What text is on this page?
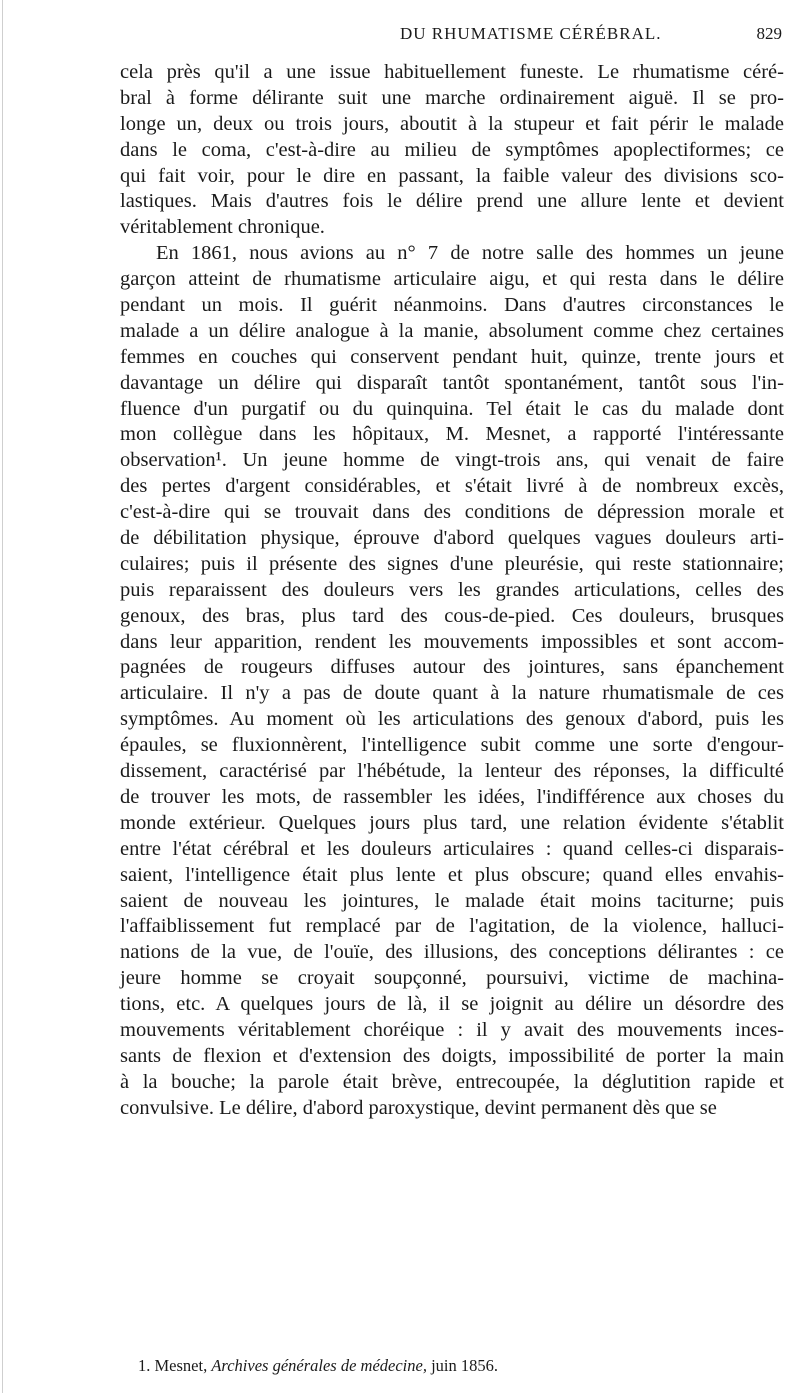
DU RHUMATISME CÉRÉBRAL.	829
cela près qu'il a une issue habituellement funeste. Le rhumatisme céré-
bral à forme délirante suit une marche ordinairement aiguë. Il se pro-
longe un, deux ou trois jours, aboutit à la stupeur et fait périr le malade
dans le coma, c'est-à-dire au milieu de symptômes apoplectiformes; ce
qui fait voir, pour le dire en passant, la faible valeur des divisions sco-
lastiques. Mais d'autres fois le délire prend une allure lente et devient
véritablement chronique.
En 1861, nous avions au n° 7 de notre salle des hommes un jeune
garçon atteint de rhumatisme articulaire aigu, et qui resta dans le délire
pendant un mois. Il guérit néanmoins. Dans d'autres circonstances le
malade a un délire analogue à la manie, absolument comme chez certaines
femmes en couches qui conservent pendant huit, quinze, trente jours et
davantage un délire qui disparaît tantôt spontanément, tantôt sous l'in-
fluence d'un purgatif ou du quinquina. Tel était le cas du malade dont
mon collègue dans les hôpitaux, M. Mesnet, a rapporté l'intéressante
observation¹. Un jeune homme de vingt-trois ans, qui venait de faire
des pertes d'argent considérables, et s'était livré à de nombreux excès,
c'est-à-dire qui se trouvait dans des conditions de dépression morale et
de débilitation physique, éprouve d'abord quelques vagues douleurs arti-
culaires; puis il présente des signes d'une pleurésie, qui reste stationnaire;
puis reparaissent des douleurs vers les grandes articulations, celles des
genoux, des bras, plus tard des cous-de-pied. Ces douleurs, brusques
dans leur apparition, rendent les mouvements impossibles et sont accom-
pagnées de rougeurs diffuses autour des jointures, sans épanchement
articulaire. Il n'y a pas de doute quant à la nature rhumatismale de ces
symptômes. Au moment où les articulations des genoux d'abord, puis les
épaules, se fluxionnèrent, l'intelligence subit comme une sorte d'engour-
dissement, caractérisé par l'hébétude, la lenteur des réponses, la difficulté
de trouver les mots, de rassembler les idées, l'indifférence aux choses du
monde extérieur. Quelques jours plus tard, une relation évidente s'établit
entre l'état cérébral et les douleurs articulaires : quand celles-ci disparais-
saient, l'intelligence était plus lente et plus obscure; quand elles envahis-
saient de nouveau les jointures, le malade était moins taciturne; puis
l'affaiblissement fut remplacé par de l'agitation, de la violence, halluci-
nations de la vue, de l'ouïe, des illusions, des conceptions délirantes : ce
jeure homme se croyait soupçonné, poursuivi, victime de machina-
tions, etc. A quelques jours de là, il se joignit au délire un désordre des
mouvements véritablement choréique : il y avait des mouvements inces-
sants de flexion et d'extension des doigts, impossibilité de porter la main
à la bouche; la parole était brève, entrecoupée, la déglutition rapide et
convulsive. Le délire, d'abord paroxystique, devint permanent dès que se
1. Mesnet, Archives générales de médecine, juin 1856.
